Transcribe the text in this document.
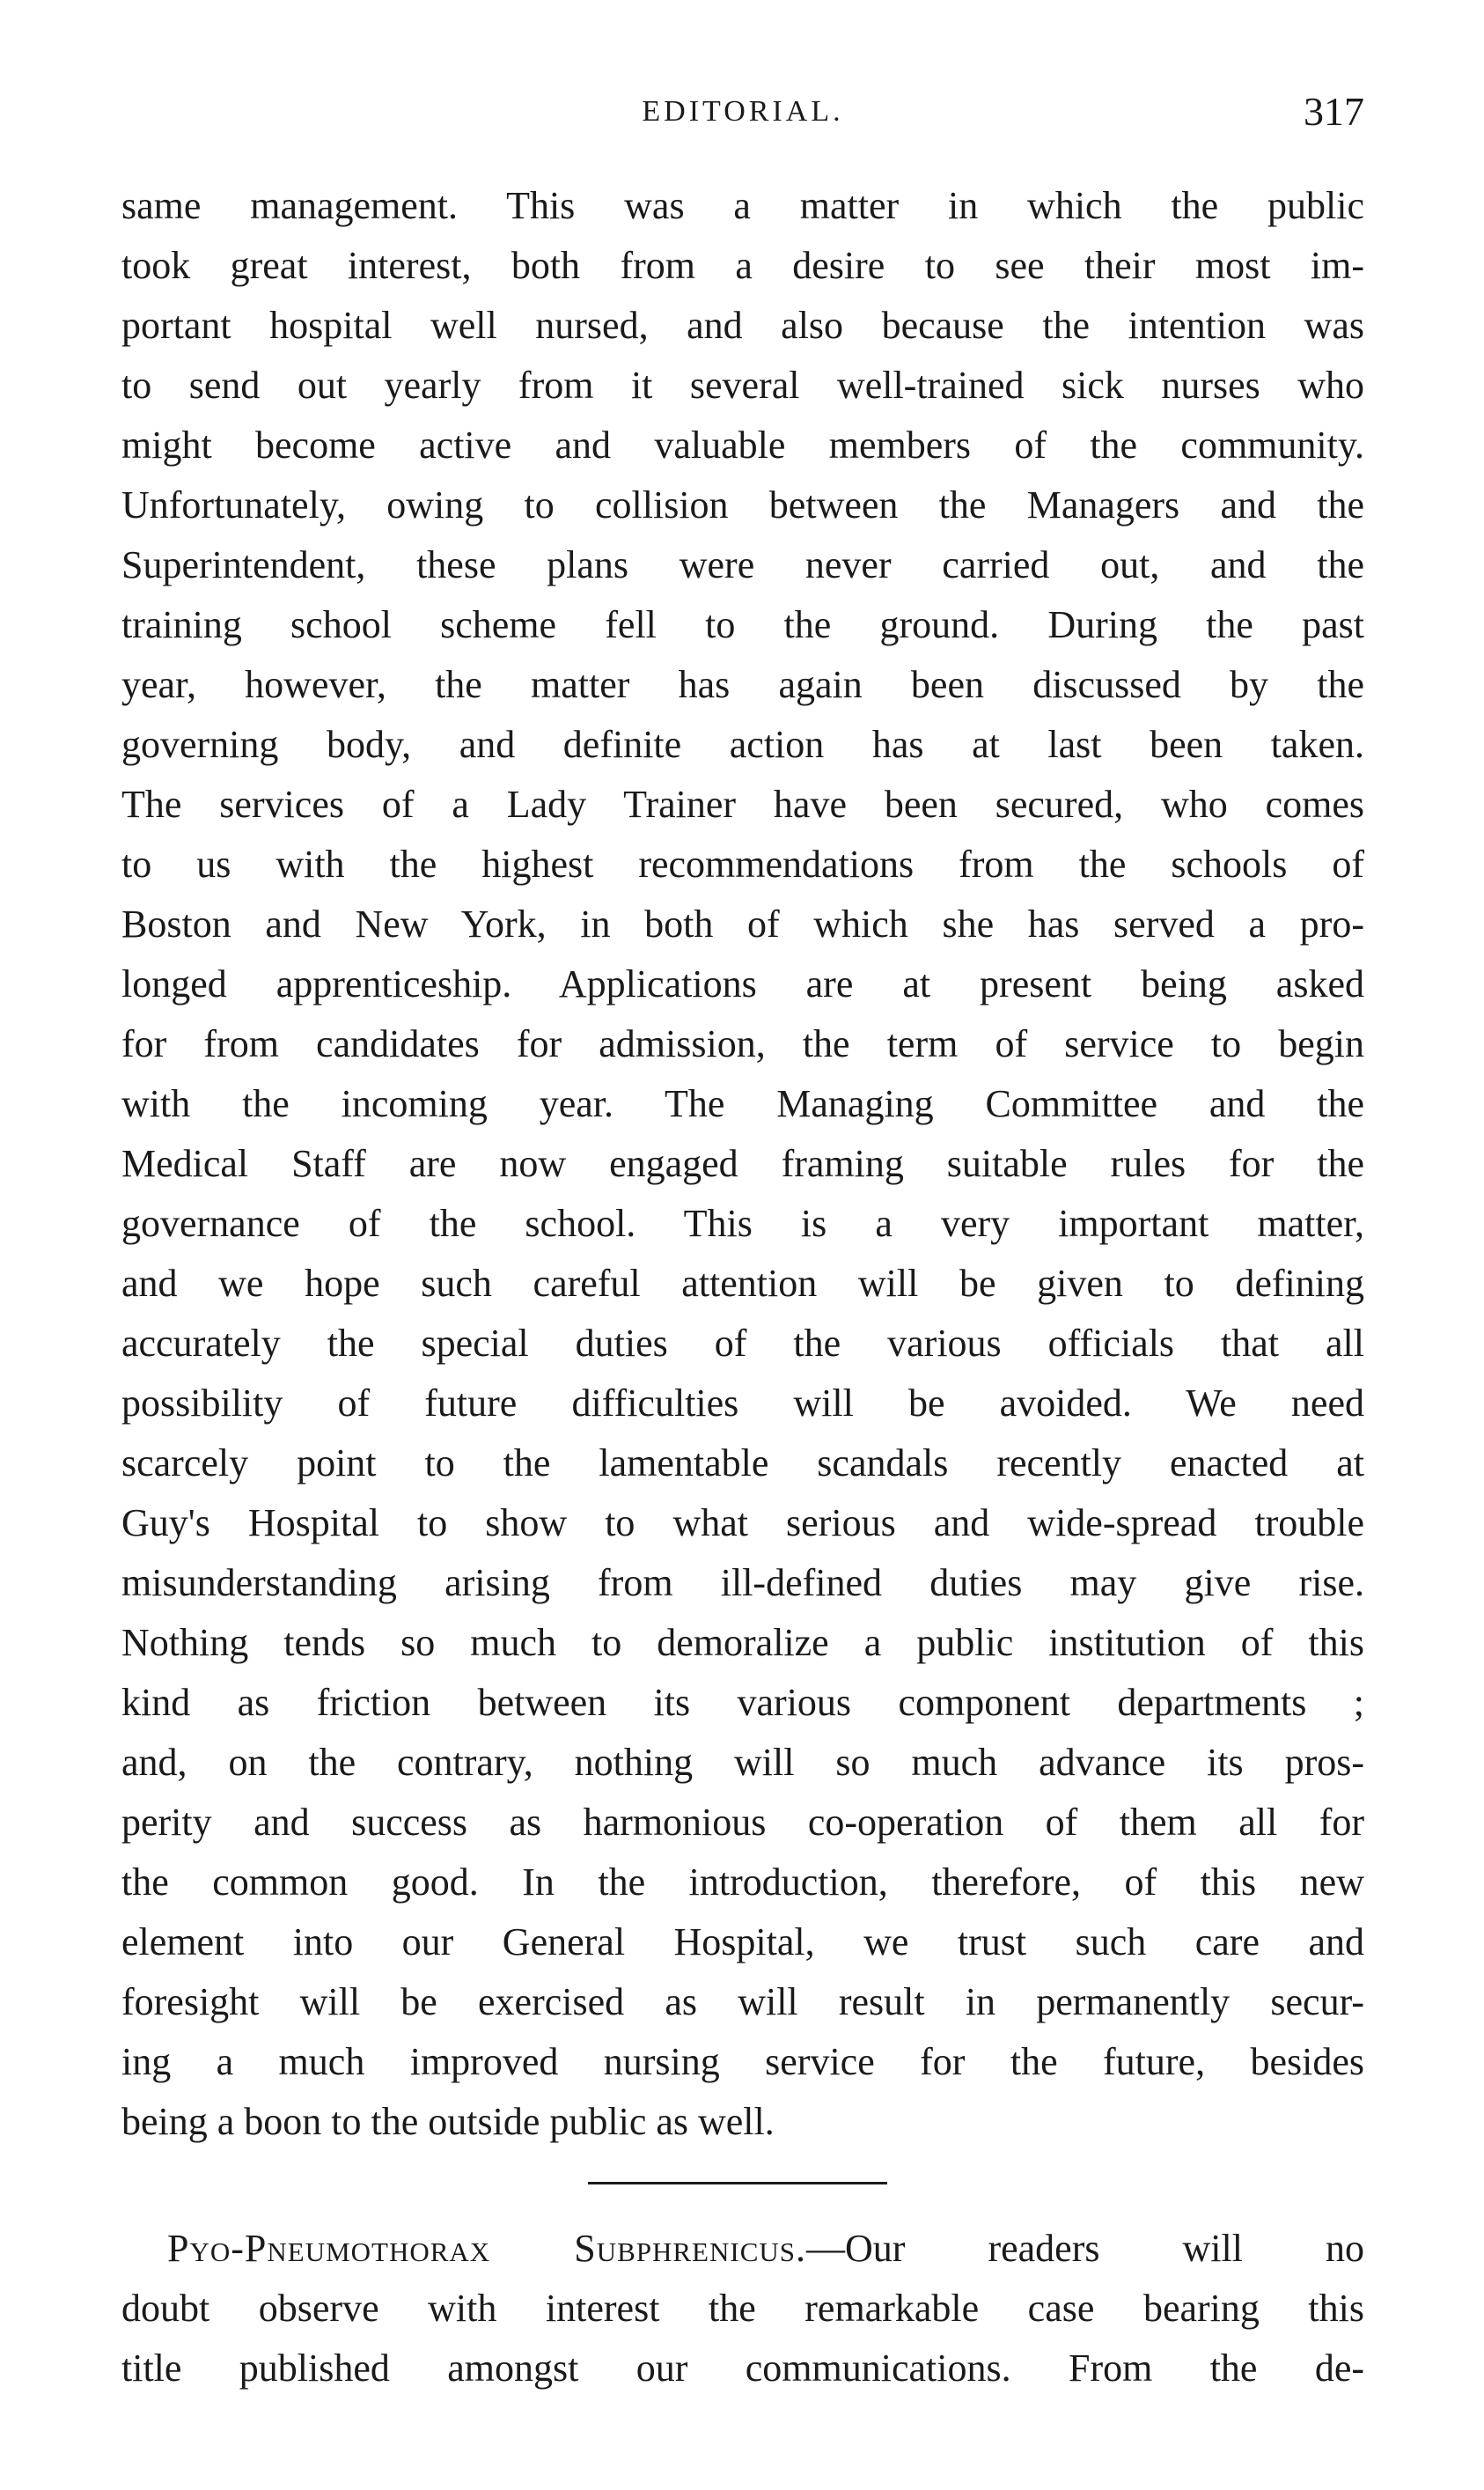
EDITORIAL.	317
same management. This was a matter in which the public
took great interest, both from a desire to see their most im-
portant hospital well nursed, and also because the intention was
to send out yearly from it several well-trained sick nurses who
might become active and valuable members of the community.
Unfortunately, owing to collision between the Managers and the
Superintendent, these plans were never carried out, and the
training school scheme fell to the ground. During the past
year, however, the matter has again been discussed by the
governing body, and definite action has at last been taken.
The services of a Lady Trainer have been secured, who comes
to us with the highest recommendations from the schools of
Boston and New York, in both of which she has served a pro-
longed apprenticeship. Applications are at present being asked
for from candidates for admission, the term of service to begin
with the incoming year. The Managing Committee and the
Medical Staff are now engaged framing suitable rules for the
governance of the school. This is a very important matter,
and we hope such careful attention will be given to defining
accurately the special duties of the various officials that all
possibility of future difficulties will be avoided. We need
scarcely point to the lamentable scandals recently enacted at
Guy's Hospital to show to what serious and wide-spread trouble
misunderstanding arising from ill-defined duties may give rise.
Nothing tends so much to demoralize a public institution of this
kind as friction between its various component departments ;
and, on the contrary, nothing will so much advance its pros-
perity and success as harmonious co-operation of them all for
the common good. In the introduction, therefore, of this new
element into our General Hospital, we trust such care and
foresight will be exercised as will result in permanently secur-
ing a much improved nursing service for the future, besides
being a boon to the outside public as well.
Pyo-Pneumothorax Subphrenicus.—Our readers will no
doubt observe with interest the remarkable case bearing this
title published amongst our communications. From the de-
